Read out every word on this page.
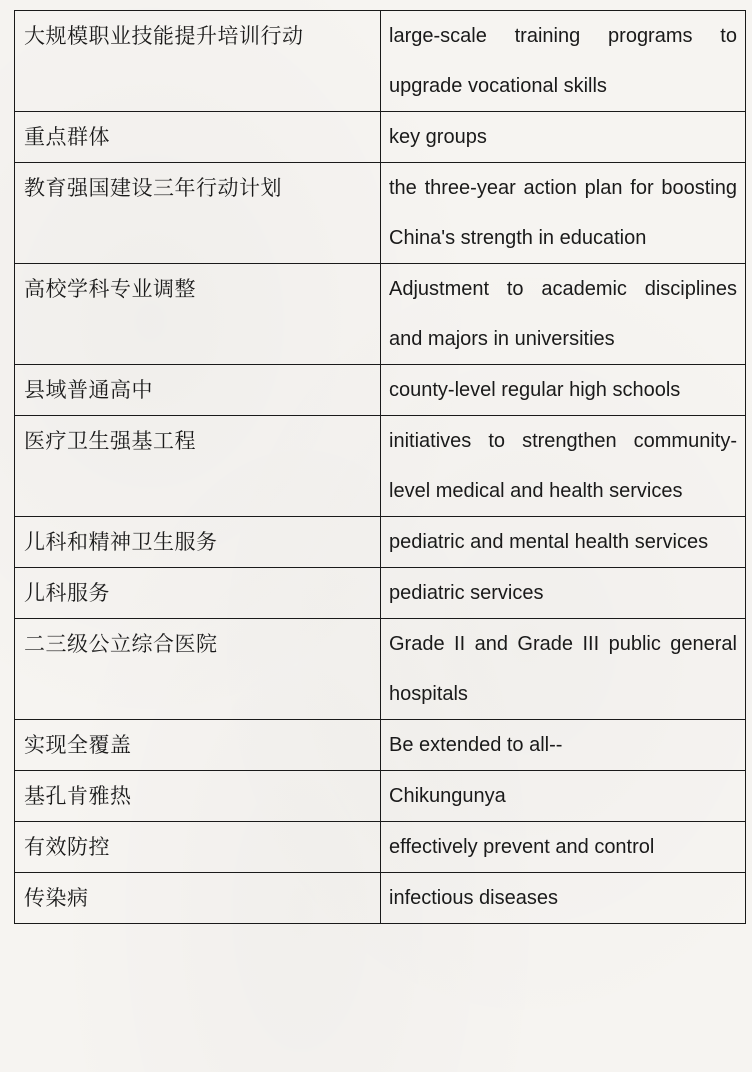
大规模职业技能提升培训行动	large-scale training programs to upgrade vocational skills
重点群体	key groups
教育强国建设三年行动计划	the three-year action plan for boosting China's strength in education
高校学科专业调整	Adjustment to academic disciplines and majors in universities
县域普通高中	county-level regular high schools
医疗卫生强基工程	initiatives to strengthen community-level medical and health services
儿科和精神卫生服务	pediatric and mental health services
儿科服务	pediatric services
二三级公立综合医院	Grade II and Grade III public general hospitals
实现全覆盖	Be extended to all--
基孔肯雅热	Chikungunya
有效防控	effectively prevent and control
传染病	infectious diseases
